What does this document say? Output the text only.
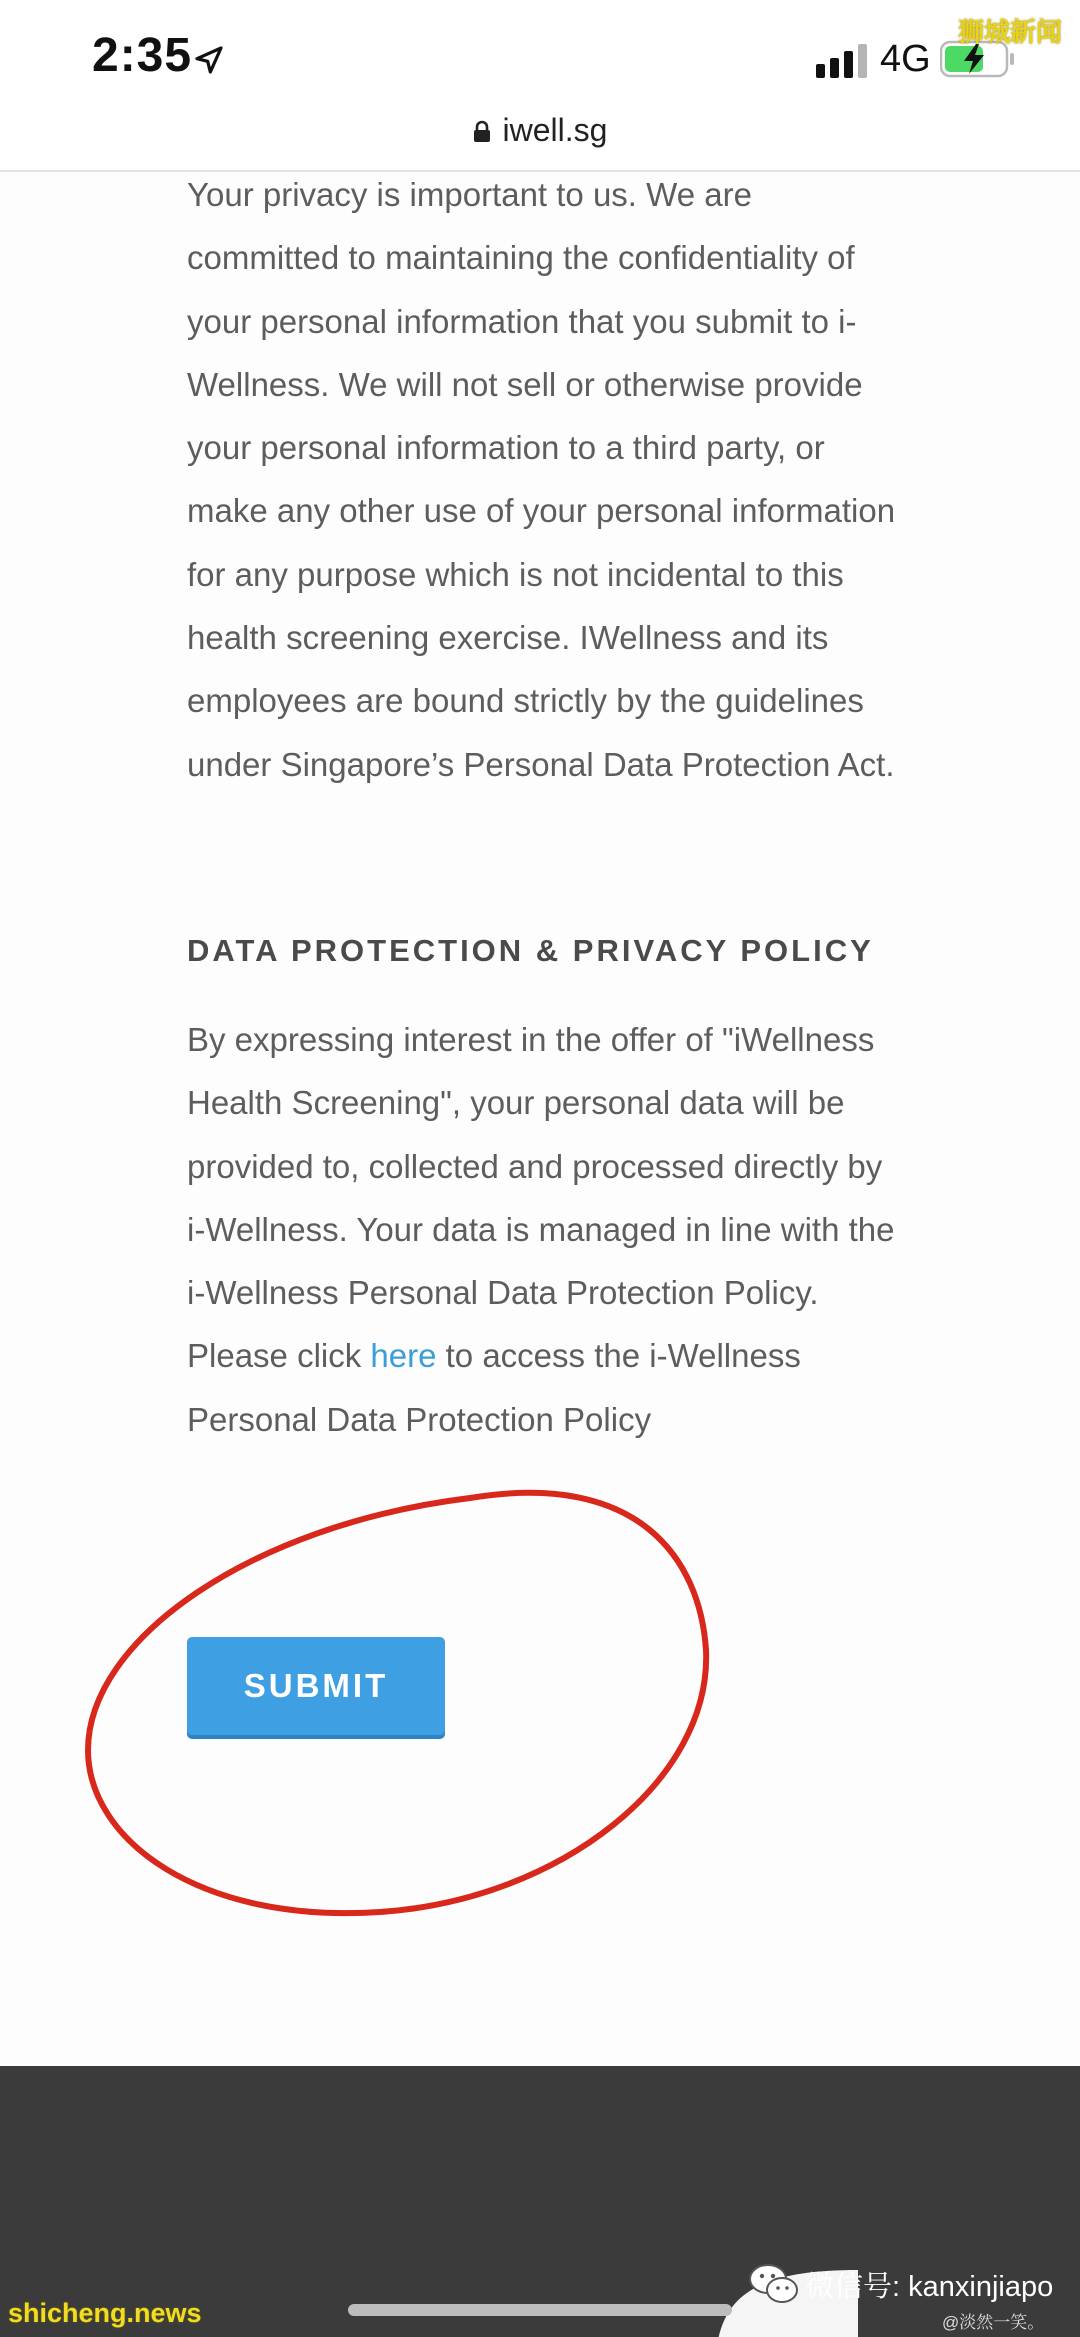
2:35	4G
狮城新闻
iwell.sg

Your privacy is important to us. We are committed to maintaining the confidentiality of your personal information that you submit to i-Wellness. We will not sell or otherwise provide your personal information to a third party, or make any other use of your personal information for any purpose which is not incidental to this health screening exercise. IWellness and its employees are bound strictly by the guidelines under Singapore’s Personal Data Protection Act.

DATA PROTECTION & PRIVACY POLICY

By expressing interest in the offer of "iWellness Health Screening", your personal data will be provided to, collected and processed directly by i-Wellness. Your data is managed in line with the i-Wellness Personal Data Protection Policy. Please click here to access the i-Wellness Personal Data Protection Policy

SUBMIT
微信号: kanxinjiapo
@淡然一笑。
shicheng.news
